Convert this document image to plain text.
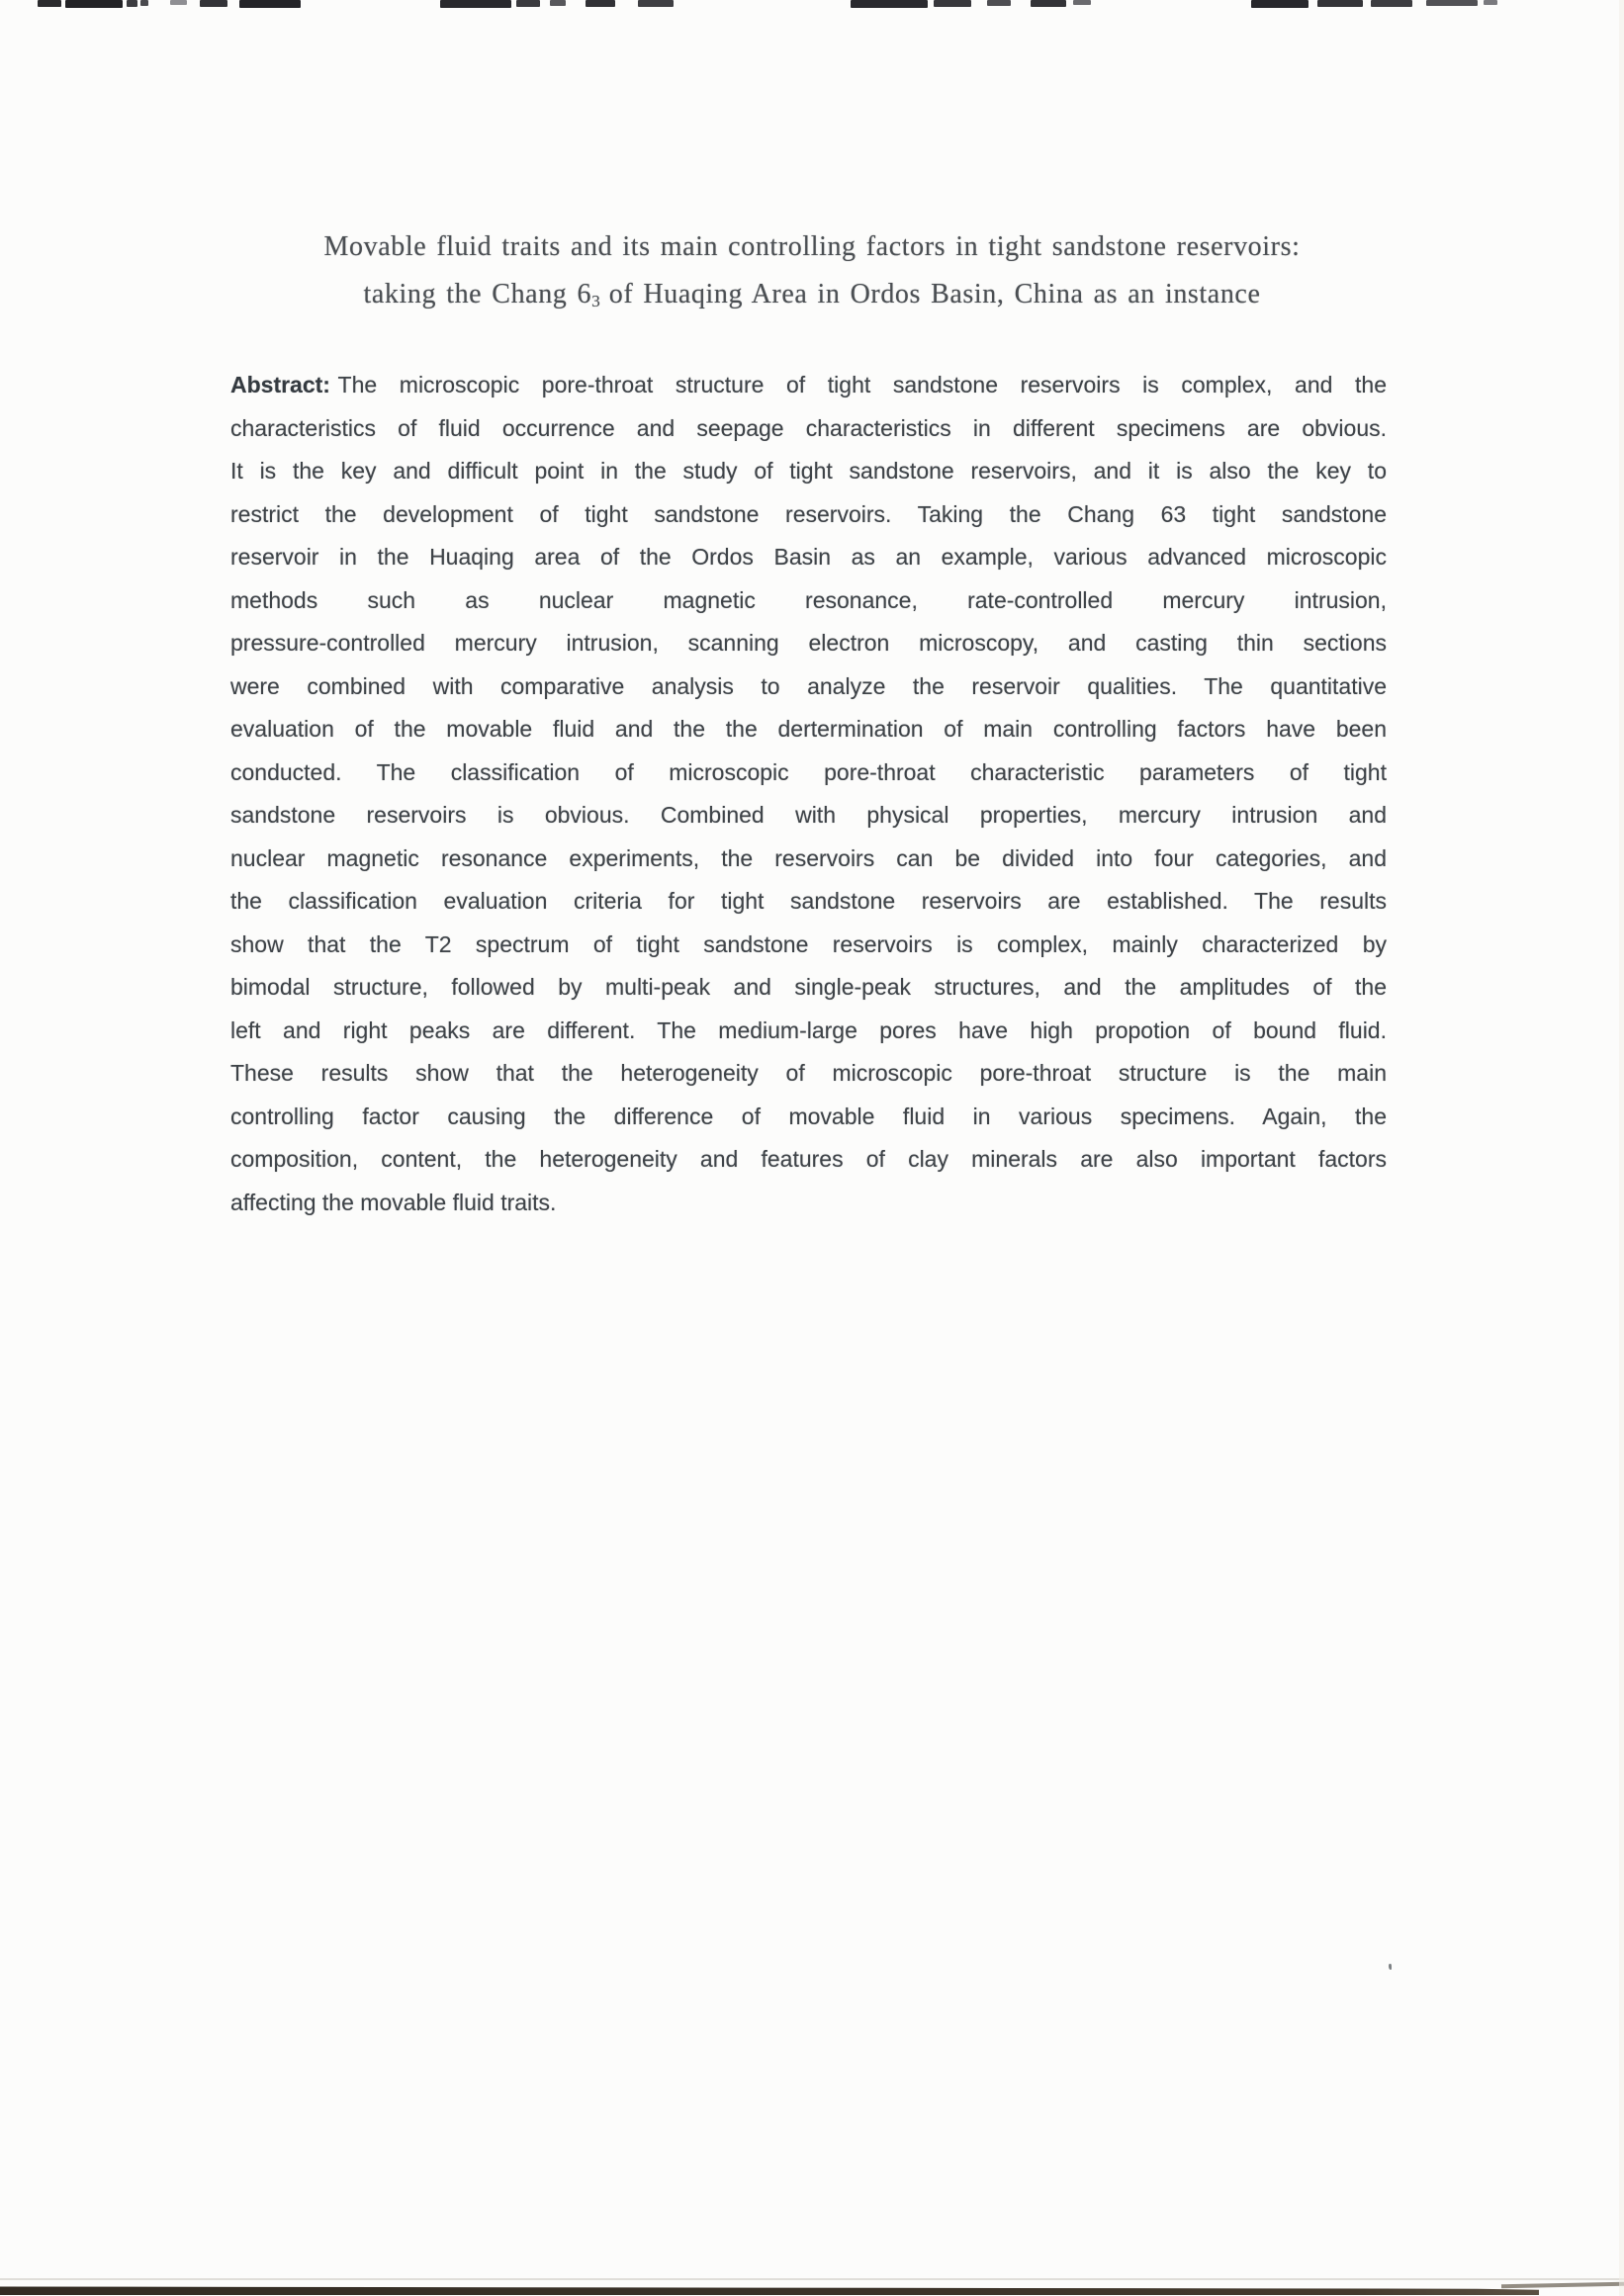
Movable fluid traits and its main controlling factors in tight sandstone reservoirs:
taking the Chang $6_3$ of Huaqing Area in Ordos Basin, China as an instance
Abstract: The microscopic pore-throat structure of tight sandstone reservoirs is complex, and the
characteristics of fluid occurrence and seepage characteristics in different specimens are obvious.
It is the key and difficult point in the study of tight sandstone reservoirs, and it is also the key to
restrict the development of tight sandstone reservoirs. Taking the Chang 63 tight sandstone
reservoir in the Huaqing area of the Ordos Basin as an example, various advanced microscopic
methods such as nuclear magnetic resonance, rate-controlled mercury intrusion,
pressure-controlled mercury intrusion, scanning electron microscopy, and casting thin sections
were combined with comparative analysis to analyze the reservoir qualities. The quantitative
evaluation of the movable fluid and the the dertermination of main controlling factors have been
conducted. The classification of microscopic pore-throat characteristic parameters of tight
sandstone reservoirs is obvious. Combined with physical properties, mercury intrusion and
nuclear magnetic resonance experiments, the reservoirs can be divided into four categories, and
the classification evaluation criteria for tight sandstone reservoirs are established. The results
show that the T2 spectrum of tight sandstone reservoirs is complex, mainly characterized by
bimodal structure, followed by multi-peak and single-peak structures, and the amplitudes of the
left and right peaks are different. The medium-large pores have high propotion of bound fluid.
These results show that the heterogeneity of microscopic pore-throat structure is the main
controlling factor causing the difference of movable fluid in various specimens. Again, the
composition, content, the heterogeneity and features of clay minerals are also important factors
affecting the movable fluid traits.
